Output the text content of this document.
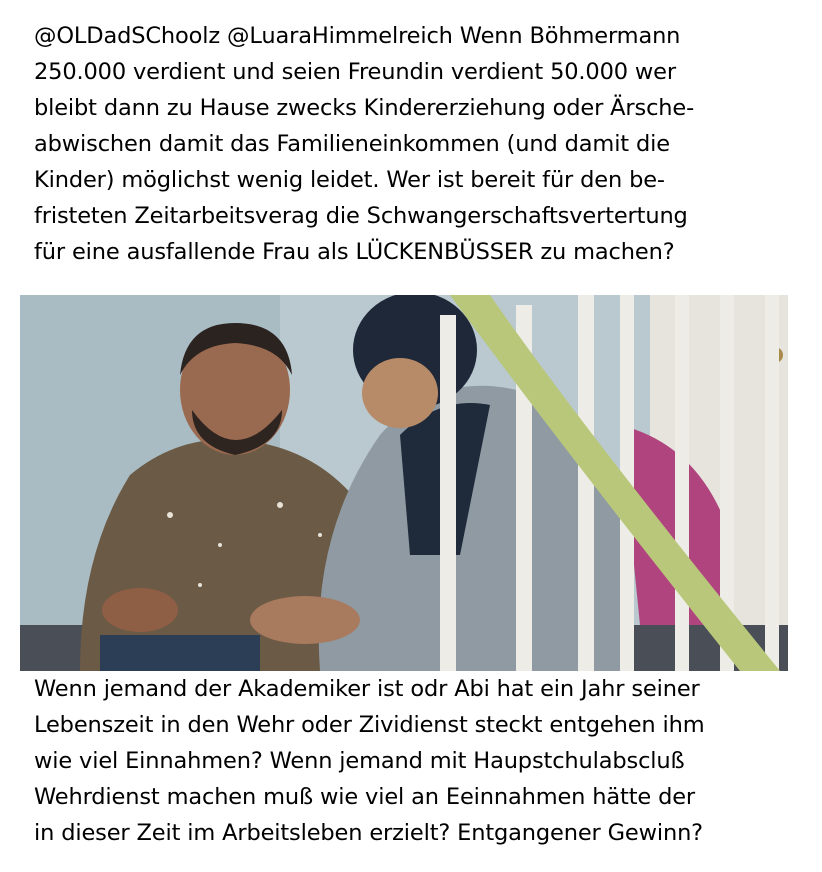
@OLDadSChoolz @LuaraHimmelreich Wenn Böhmermann
250.000 verdient und seien Freundin verdient 50.000 wer
bleibt dann zu Hause zwecks Kindererziehung oder Ärsche-
abwischen damit das Familieneinkommen (und damit die
Kinder) möglichst wenig leidet. Wer ist bereit für den be-
fristeten Zeitarbeitsverag die Schwangerschaftsvertertung
für eine ausfallende Frau als LÜCKENBÜSSER zu machen?
Wenn jemand der Akademiker ist odr Abi hat ein Jahr seiner
Lebenszeit in den Wehr oder Zividienst steckt entgehen ihm
wie viel Einnahmen? Wenn jemand mit Haupstchulabscluß
Wehrdienst machen muß wie viel an Eeinnahmen hätte der
in dieser Zeit im Arbeitsleben erzielt? Entgangener Gewinn?
